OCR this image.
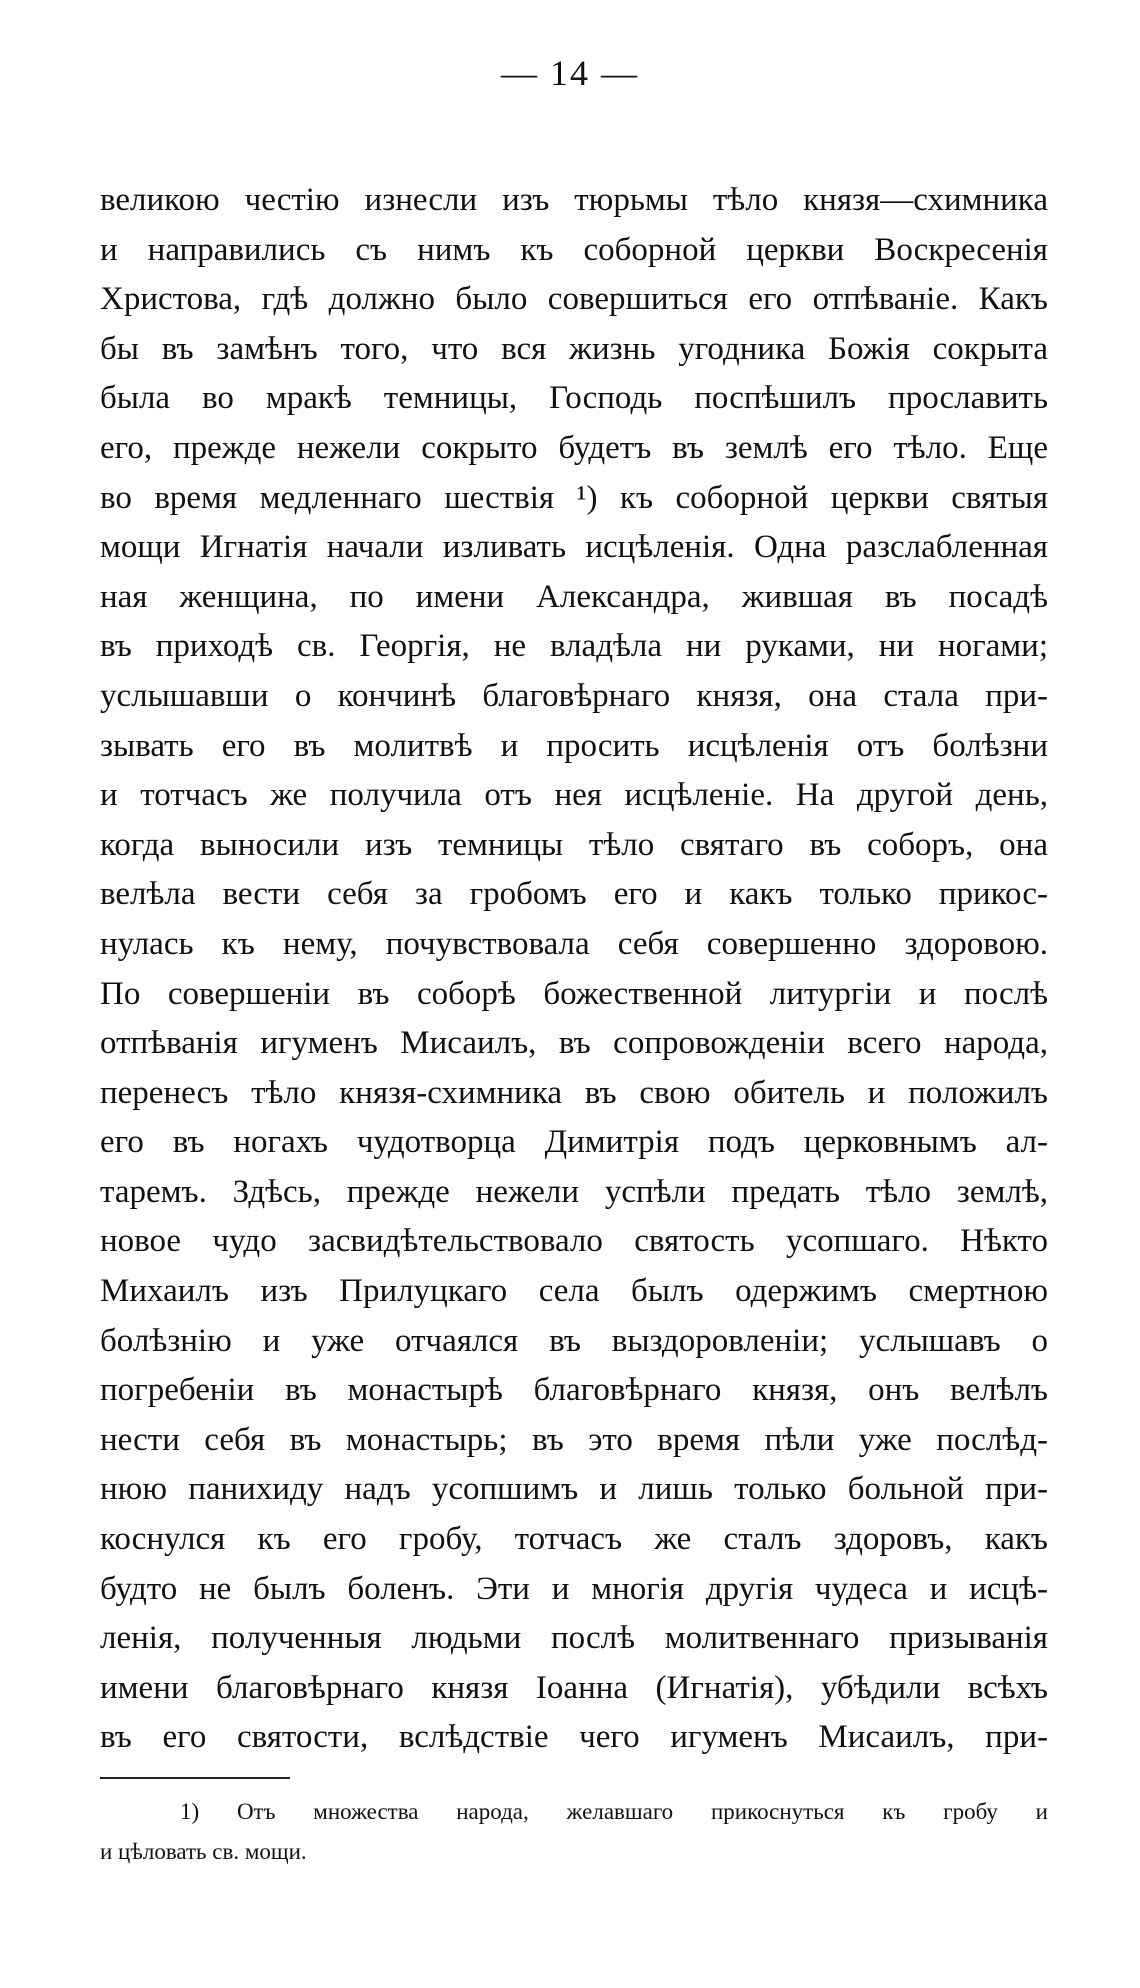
— 14 —
великою честію изнесли изъ тюрьмы тѣло князя—схимника
и направились съ нимъ къ соборной церкви Воскресенія
Христова, гдѣ должно было совершиться его отпѣваніе. Какъ
бы въ замѣнъ того, что вся жизнь угодника Божія сокрыта
была во мракѣ темницы, Господь поспѣшилъ прославить
его, прежде нежели сокрыто будетъ въ землѣ его тѣло. Еще
во время медленнаго шествія ¹) къ соборной церкви святыя
мощи Игнатія начали изливать исцѣленія. Одна разслабленная
ная женщина, по имени Александра, жившая въ посадѣ
въ приходѣ св. Георгія, не владѣла ни руками, ни ногами;
услышавши о кончинѣ благовѣрнаго князя, она стала при-
зывать его въ молитвѣ и просить исцѣленія отъ болѣзни
и тотчасъ же получила отъ нея исцѣленіе. На другой день,
когда выносили изъ темницы тѣло святаго въ соборъ, она
велѣла вести себя за гробомъ его и какъ только прикос-
нулась къ нему, почувствовала себя совершенно здоровою.
По совершеніи въ соборѣ божественной литургіи и послѣ
отпѣванія игуменъ Мисаилъ, въ сопровожденіи всего народа,
перенесъ тѣло князя-схимника въ свою обитель и положилъ
его въ ногахъ чудотворца Димитрія подъ церковнымъ ал-
таремъ. Здѣсь, прежде нежели успѣли предать тѣло землѣ,
новое чудо засвидѣтельствовало святость усопшаго. Нѣкто
Михаилъ изъ Прилуцкаго села былъ одержимъ смертною
болѣзнію и уже отчаялся въ выздоровленіи; услышавъ о
погребеніи въ монастырѣ благовѣрнаго князя, онъ велѣлъ
нести себя въ монастырь; въ это время пѣли уже послѣд-
нюю панихиду надъ усопшимъ и лишь только больной при-
коснулся къ его гробу, тотчасъ же сталъ здоровъ, какъ
будто не былъ боленъ. Эти и многія другія чудеса и исцѣ-
ленія, полученныя людьми послѣ молитвеннаго призыванія
имени благовѣрнаго князя Іоанна (Игнатія), убѣдили всѣхъ
въ его святости, вслѣдствіе чего игуменъ Мисаилъ, при-
1) Отъ множества народа, желавшаго прикоснуться къ гробу и
и цѣловать св. мощи.
